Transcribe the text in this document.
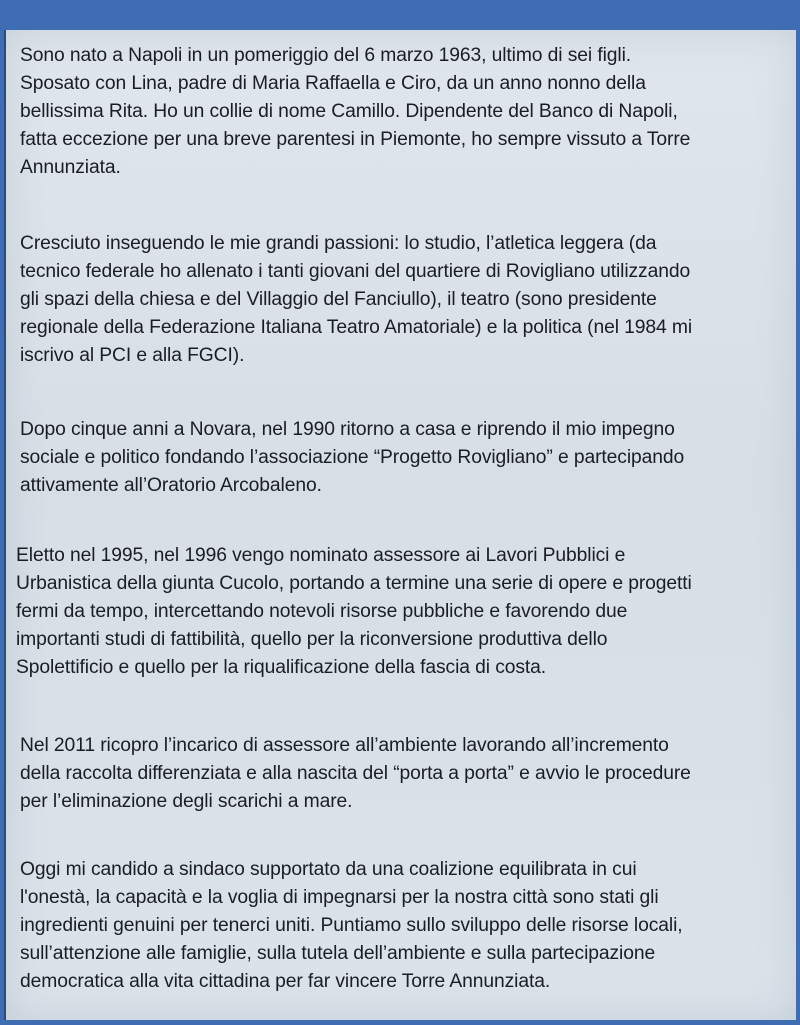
Sono nato a Napoli in un pomeriggio del 6 marzo 1963, ultimo di sei figli.
Sposato con Lina, padre di Maria Raffaella e Ciro, da un anno nonno della
bellissima Rita. Ho un collie di nome Camillo. Dipendente del Banco di Napoli,
fatta eccezione per una breve parentesi in Piemonte, ho sempre vissuto a Torre
Annunziata.

Cresciuto inseguendo le mie grandi passioni: lo studio, l’atletica leggera (da
tecnico federale ho allenato i tanti giovani del quartiere di Rovigliano utilizzando
gli spazi della chiesa e del Villaggio del Fanciullo), il teatro (sono presidente
regionale della Federazione Italiana Teatro Amatoriale) e la politica (nel 1984 mi
iscrivo al PCI e alla FGCI).

Dopo cinque anni a Novara, nel 1990 ritorno a casa e riprendo il mio impegno
sociale e politico fondando l’associazione “Progetto Rovigliano” e partecipando
attivamente all’Oratorio Arcobaleno.

Eletto nel 1995, nel 1996 vengo nominato assessore ai Lavori Pubblici e
Urbanistica della giunta Cucolo, portando a termine una serie di opere e progetti
fermi da tempo, intercettando notevoli risorse pubbliche e favorendo due
importanti studi di fattibilità, quello per la riconversione produttiva dello
Spolettificio e quello per la riqualificazione della fascia di costa.

Nel 2011 ricopro l’incarico di assessore all’ambiente lavorando all’incremento
della raccolta differenziata e alla nascita del “porta a porta” e avvio le procedure
per l’eliminazione degli scarichi a mare.

Oggi mi candido a sindaco supportato da una coalizione equilibrata in cui
l'onestà, la capacità e la voglia di impegnarsi per la nostra città sono stati gli
ingredienti genuini per tenerci uniti. Puntiamo sullo sviluppo delle risorse locali,
sull’attenzione alle famiglie, sulla tutela dell’ambiente e sulla partecipazione
democratica alla vita cittadina per far vincere Torre Annunziata.
